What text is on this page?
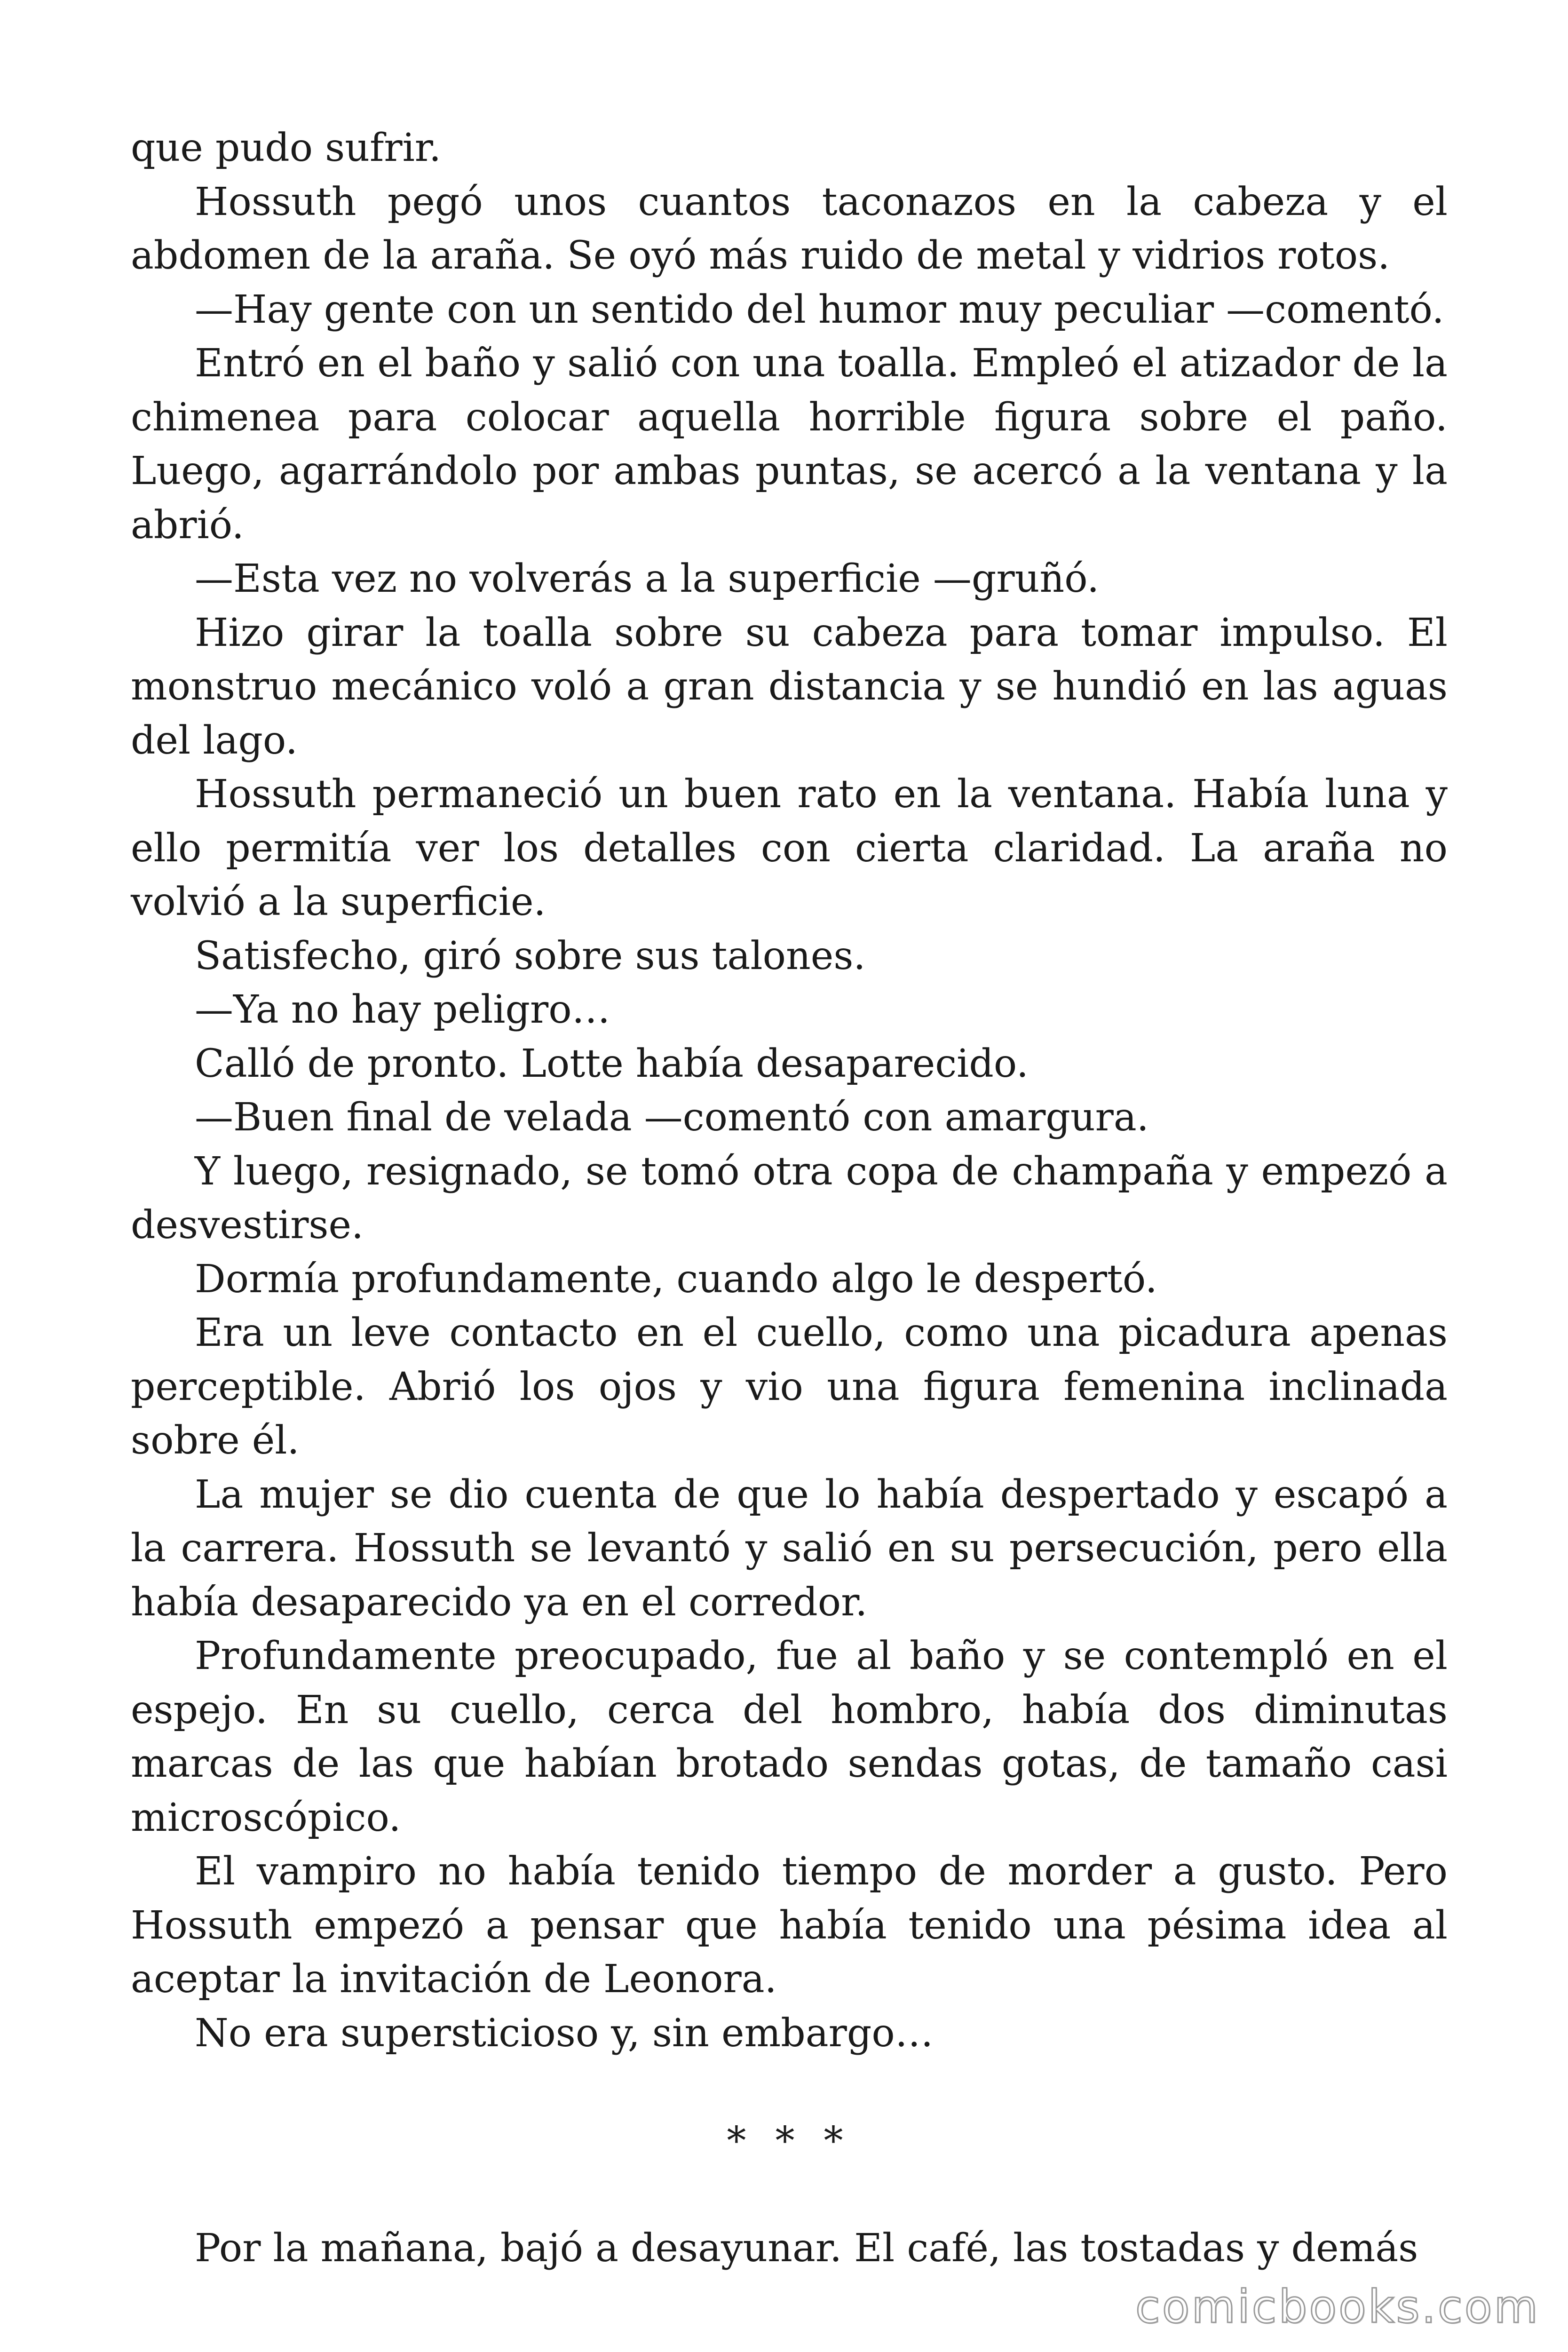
que pudo sufrir.

Hossuth pegó unos cuantos taconazos en la cabeza y el abdomen de la araña. Se oyó más ruido de metal y vidrios rotos.

—Hay gente con un sentido del humor muy peculiar —comentó.

Entró en el baño y salió con una toalla. Empleó el atizador de la chimenea para colocar aquella horrible figura sobre el paño. Luego, agarrándolo por ambas puntas, se acercó a la ventana y la abrió.

—Esta vez no volverás a la superficie —gruñó.

Hizo girar la toalla sobre su cabeza para tomar impulso. El monstruo mecánico voló a gran distancia y se hundió en las aguas del lago.

Hossuth permaneció un buen rato en la ventana. Había luna y ello permitía ver los detalles con cierta claridad. La araña no volvió a la superficie.

Satisfecho, giró sobre sus talones.

—Ya no hay peligro…

Calló de pronto. Lotte había desaparecido.

—Buen final de velada —comentó con amargura.

Y luego, resignado, se tomó otra copa de champaña y empezó a desvestirse.

Dormía profundamente, cuando algo le despertó.

Era un leve contacto en el cuello, como una picadura apenas perceptible. Abrió los ojos y vio una figura femenina inclinada sobre él.

La mujer se dio cuenta de que lo había despertado y escapó a la carrera. Hossuth se levantó y salió en su persecución, pero ella había desaparecido ya en el corredor.

Profundamente preocupado, fue al baño y se contempló en el espejo. En su cuello, cerca del hombro, había dos diminutas marcas de las que habían brotado sendas gotas, de tamaño casi microscópico.

El vampiro no había tenido tiempo de morder a gusto. Pero Hossuth empezó a pensar que había tenido una pésima idea al aceptar la invitación de Leonora.

No era supersticioso y, sin embargo…

* * *

Por la mañana, bajó a desayunar. El café, las tostadas y demás

comicbooks.com
